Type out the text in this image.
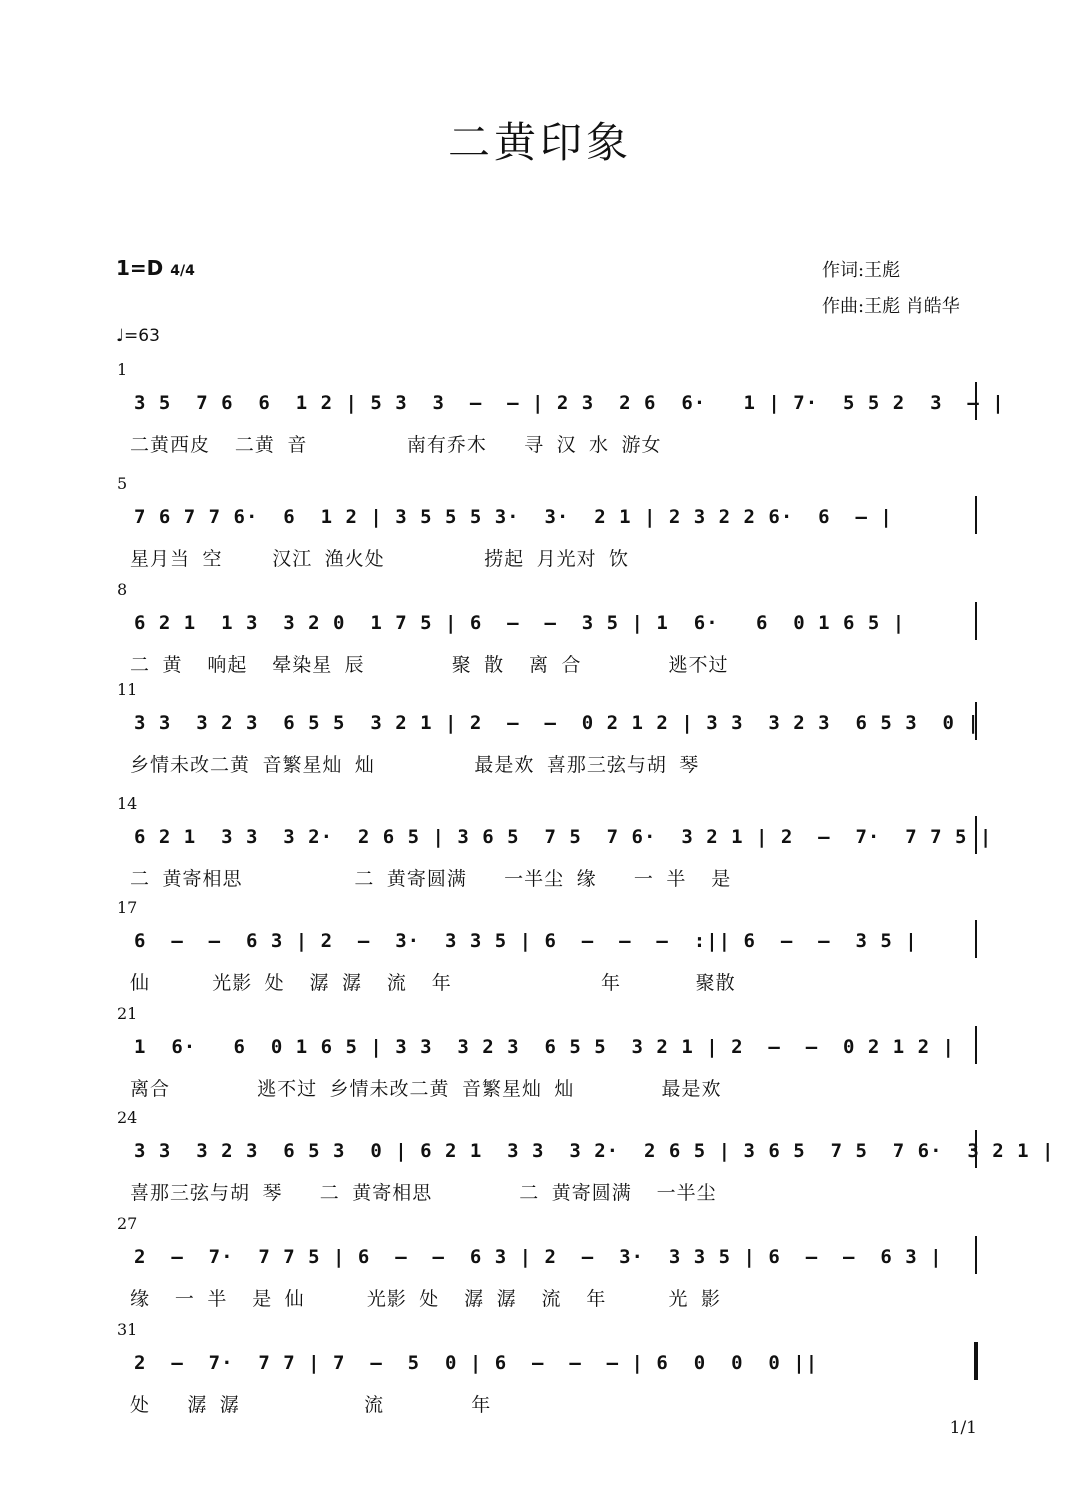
二黄印象
1=D 4/4	作词:王彪
作曲:王彪 肖皓华
♩=63
1
3 5  7 6  6  1 2 | 5 3  3  –  – | 2 3  2 6  6·   1 | 7·  5 5 2  3  – |
二黄西皮  二黄 音        南有乔木   寻 汉 水 游女
5
7 6 7 7 6·  6  1 2 | 3 5 5 5 3·  3·  2 1 | 2 3 2 2 6·  6  – |
星月当 空    汉江 渔火处        捞起 月光对 饮
8
6 2 1  1 3  3 2 0  1 7 5 | 6  –  –  3 5 | 1  6·   6  0 1 6 5 |
二 黄  响起  晕染星 辰       聚 散  离 合       逃不过
11
3 3  3 2 3  6 5 5  3 2 1 | 2  –  –  0 2 1 2 | 3 3  3 2 3  6 5 3  0 |
乡情未改二黄 音繁星灿 灿        最是欢 喜那三弦与胡 琴
14
6 2 1  3 3  3 2·  2 6 5 | 3 6 5  7 5  7 6·  3 2 1 | 2  –  7·  7 7 5 |
二 黄寄相思         二 黄寄圆满   一半尘 缘   一 半  是
17
6  –  –  6 3 | 2  –  3·  3 3 5 | 6  –  –  –  :|| 6  –  –  3 5 |
仙     光影 处  潺 潺  流  年            年      聚散
21
1  6·   6  0 1 6 5 | 3 3  3 2 3  6 5 5  3 2 1 | 2  –  –  0 2 1 2 |
离合       逃不过 乡情未改二黄 音繁星灿 灿       最是欢
24
3 3  3 2 3  6 5 3  0 | 6 2 1  3 3  3 2·  2 6 5 | 3 6 5  7 5  7 6·  3 2 1 |
喜那三弦与胡 琴   二 黄寄相思       二 黄寄圆满  一半尘
27
2  –  7·  7 7 5 | 6  –  –  6 3 | 2  –  3·  3 3 5 | 6  –  –  6 3 |
缘  一 半  是 仙     光影 处  潺 潺  流  年     光 影
31
2  –  7·  7 7 | 7  –  5  0 | 6  –  –  – | 6  0  0  0 ||
处   潺 潺          流       年
1/1
